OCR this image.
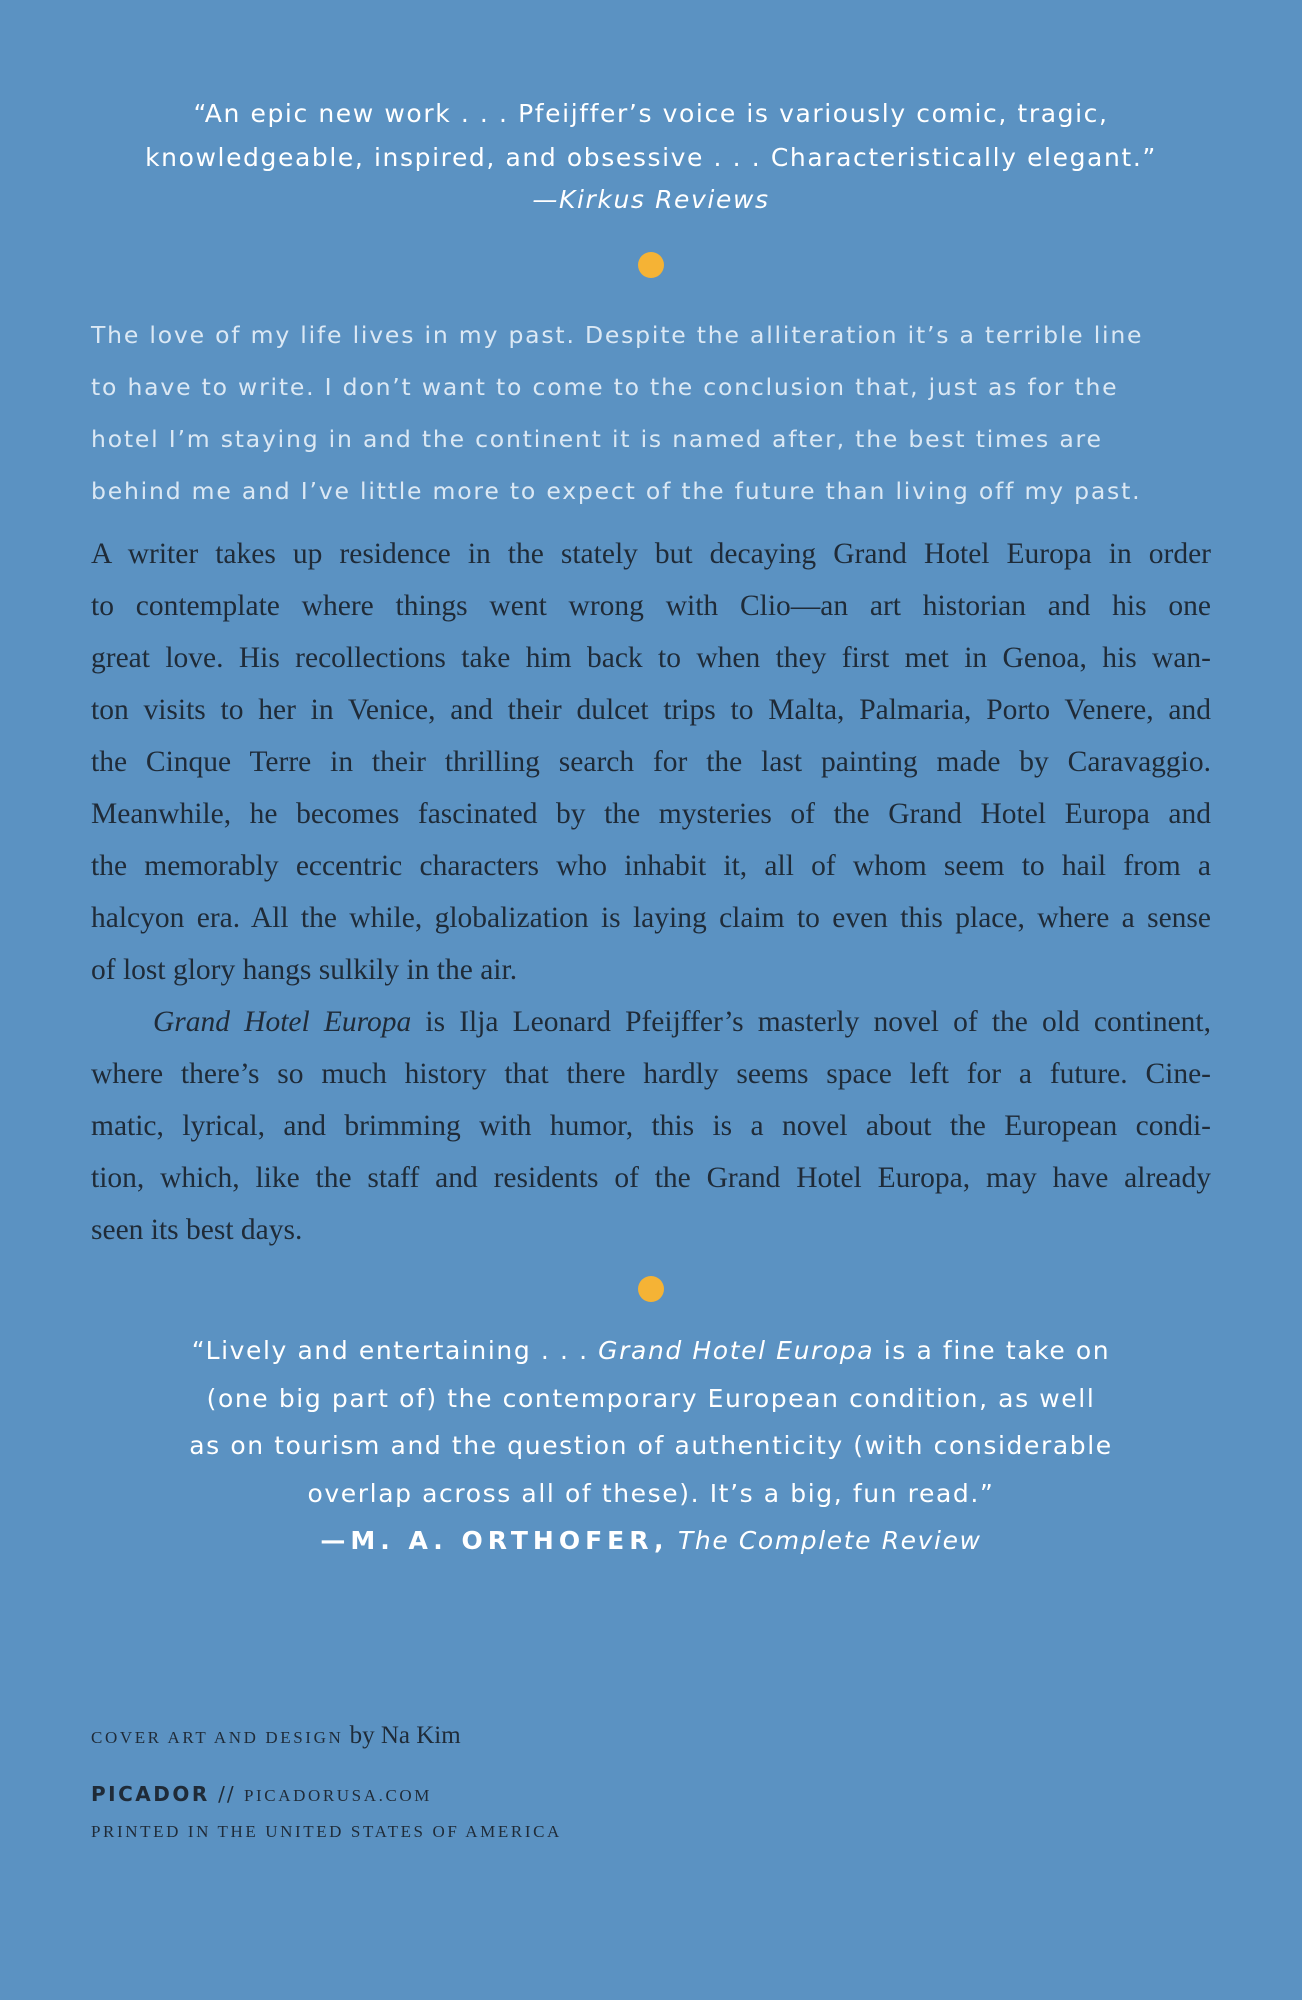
“An epic new work . . . Pfeijffer’s voice is variously comic, tragic,
knowledgeable, inspired, and obsessive . . . Characteristically elegant.”
—Kirkus Reviews
The love of my life lives in my past. Despite the alliteration it’s a terrible line
to have to write. I don’t want to come to the conclusion that, just as for the
hotel I’m staying in and the continent it is named after, the best times are
behind me and I’ve little more to expect of the future than living off my past.
A writer takes up residence in the stately but decaying Grand Hotel Europa in order
to contemplate where things went wrong with Clio—an art historian and his one
great love. His recollections take him back to when they first met in Genoa, his wan-
ton visits to her in Venice, and their dulcet trips to Malta, Palmaria, Porto Venere, and
the Cinque Terre in their thrilling search for the last painting made by Caravaggio.
Meanwhile, he becomes fascinated by the mysteries of the Grand Hotel Europa and
the memorably eccentric characters who inhabit it, all of whom seem to hail from a
halcyon era. All the while, globalization is laying claim to even this place, where a sense
of lost glory hangs sulkily in the air.
Grand Hotel Europa is Ilja Leonard Pfeijffer’s masterly novel of the old continent,
where there’s so much history that there hardly seems space left for a future. Cine-
matic, lyrical, and brimming with humor, this is a novel about the European condi-
tion, which, like the staff and residents of the Grand Hotel Europa, may have already
seen its best days.
“Lively and entertaining . . . Grand Hotel Europa is a fine take on
(one big part of) the contemporary European condition, as well
as on tourism and the question of authenticity (with considerable
overlap across all of these). It’s a big, fun read.”
—M. A. ORTHOFER, The Complete Review
COVER ART AND DESIGN by Na Kim
PICADOR // PICADORUSA.COM
PRINTED IN THE UNITED STATES OF AMERICA
